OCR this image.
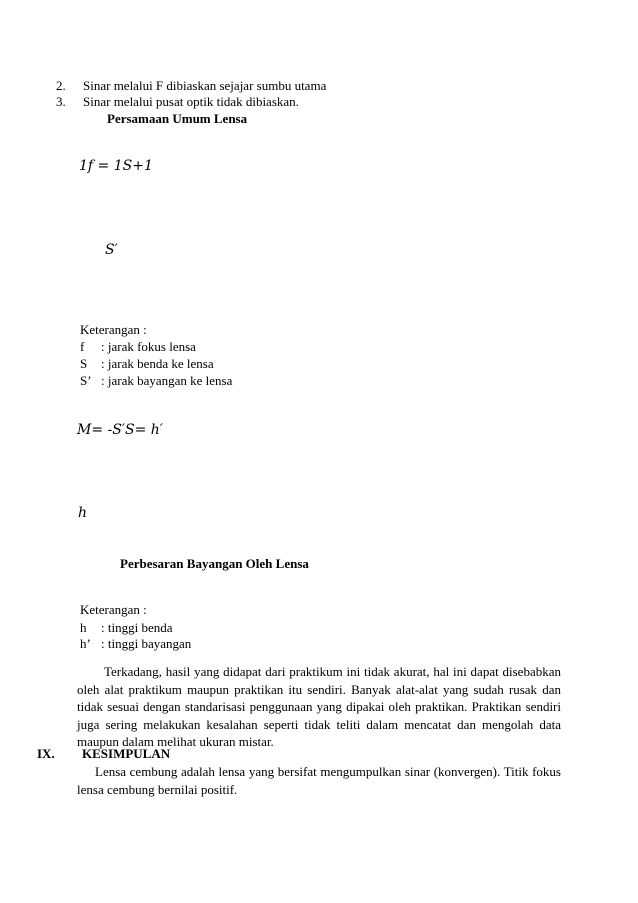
2. Sinar melalui F dibiaskan sejajar sumbu utama
3. Sinar melalui pusat optik tidak dibiaskan.
Persamaan Umum Lensa
1f = 1S+1
S′
Keterangan :
f : jarak fokus lensa
S : jarak benda ke lensa
S’ : jarak bayangan ke lensa
M= -S′S= h′
h
Perbesaran Bayangan Oleh Lensa
Keterangan :
h : tinggi benda
h’ : tinggi bayangan

Terkadang, hasil yang didapat dari praktikum ini tidak akurat, hal ini dapat disebabkan oleh alat praktikum maupun praktikan itu sendiri. Banyak alat-alat yang sudah rusak dan tidak sesuai dengan standarisasi penggunaan yang dipakai oleh praktikan. Praktikan sendiri juga sering melakukan kesalahan seperti tidak teliti dalam mencatat dan mengolah data maupun dalam melihat ukuran mistar.

IX. KESIMPULAN

Lensa cembung adalah lensa yang bersifat mengumpulkan sinar (konvergen). Titik fokus lensa cembung bernilai positif.
